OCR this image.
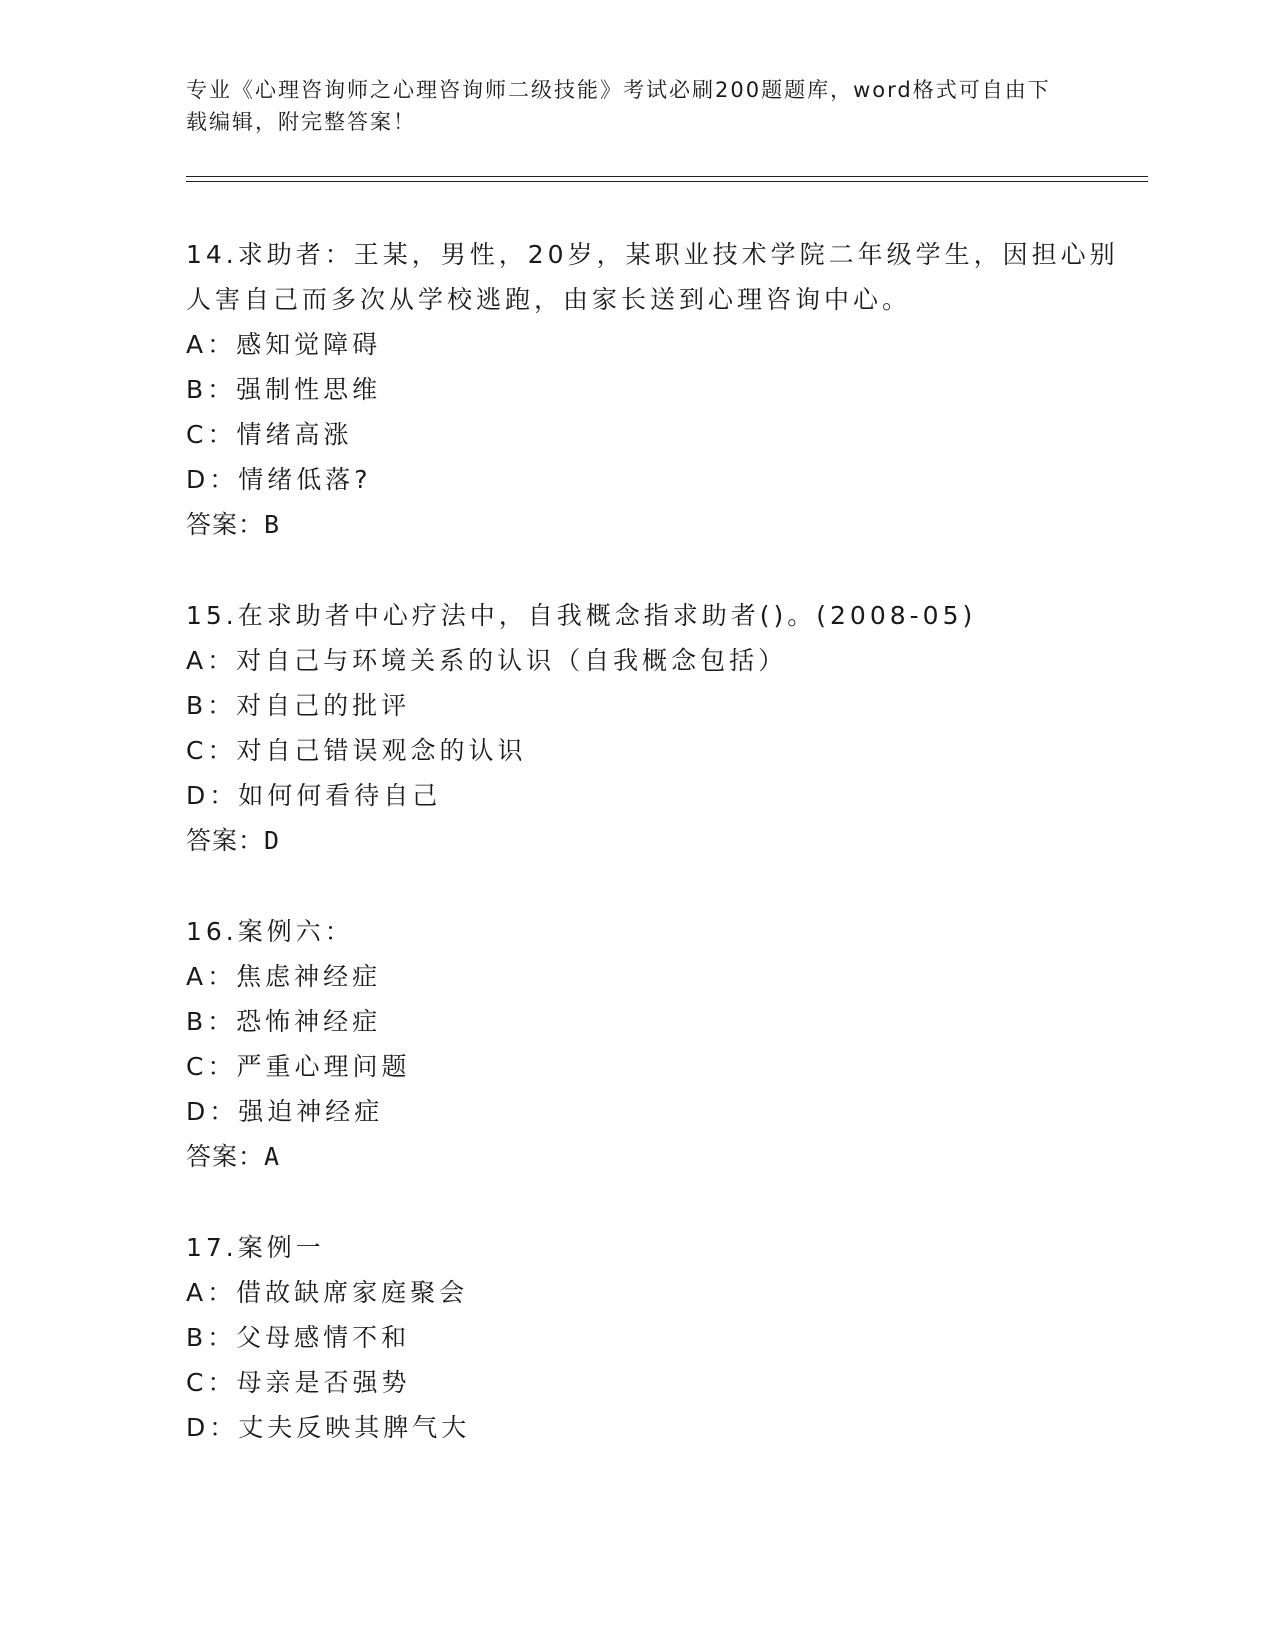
专业《心理咨询师之心理咨询师二级技能》考试必刷200题题库，word格式可自由下载编辑，附完整答案！
14.求助者：王某，男性，20岁，某职业技术学院二年级学生，因担心别人害自己而多次从学校逃跑，由家长送到心理咨询中心。
A：感知觉障碍
B：强制性思维
C：情绪高涨
D：情绪低落?
答案：B
15.在求助者中心疗法中，自我概念指求助者()。(2008-05)
A：对自己与环境关系的认识（自我概念包括）
B：对自己的批评
C：对自己错误观念的认识
D：如何何看待自己
答案：D
16.案例六：
A：焦虑神经症
B：恐怖神经症
C：严重心理问题
D：强迫神经症
答案：A
17.案例一
A：借故缺席家庭聚会
B：父母感情不和
C：母亲是否强势
D：丈夫反映其脾气大
